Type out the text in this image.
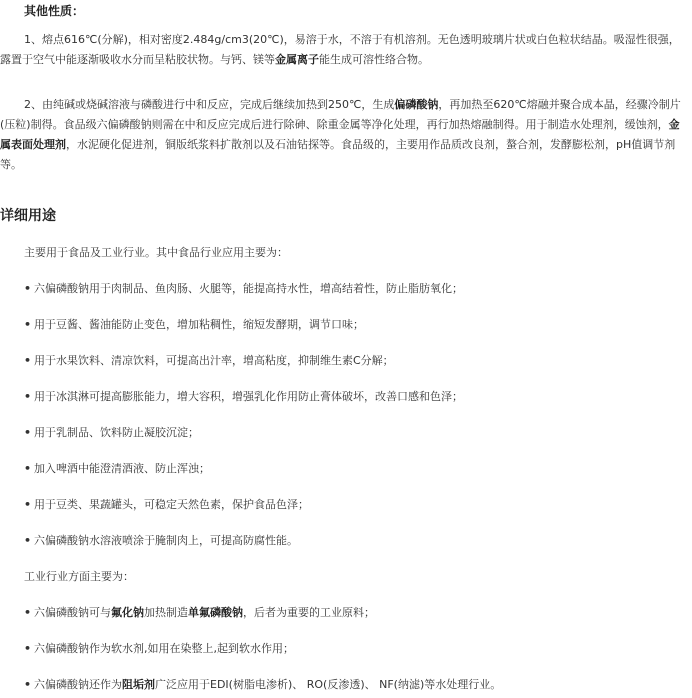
其他性质：
1、熔点616℃(分解)，相对密度2.484g/cm3(20℃)，易溶于水，不溶于有机溶剂。无色透明玻璃片状或白色粒状结晶。吸湿性很强，露置于空气中能逐渐吸收水分而呈粘胶状物。与钙、镁等金属离子能生成可溶性络合物。
2、由纯碱或烧碱溶液与磷酸进行中和反应，完成后继续加热到250℃，生成偏磷酸钠，再加热至620℃熔融并聚合成本晶，经骤冷制片(压粒)制得。食品级六偏磷酸钠则需在中和反应完成后进行除砷、除重金属等净化处理，再行加热熔融制得。用于制造水处理剂，缓蚀剂，金属表面处理剂，水泥硬化促进剂，铜版纸浆料扩散剂以及石油钻探等。食品级的，主要用作品质改良剂，螯合剂，发酵膨松剂，pH值调节剂等。
详细用途
主要用于食品及工业行业。其中食品行业应用主要为：
• 六偏磷酸钠用于肉制品、鱼肉肠、火腿等，能提高持水性，增高结着性，防止脂肪氧化；
• 用于豆酱、酱油能防止变色，增加粘稠性，缩短发酵期，调节口味；
• 用于水果饮料、清凉饮料，可提高出汁率，增高粘度，抑制维生素C分解；
• 用于冰淇淋可提高膨胀能力，增大容积，增强乳化作用防止膏体破坏，改善口感和色泽；
• 用于乳制品、饮料防止凝胶沉淀；
• 加入啤酒中能澄清酒液、防止浑浊；
• 用于豆类、果蔬罐头，可稳定天然色素，保护食品色泽；
• 六偏磷酸钠水溶液喷涂于腌制肉上，可提高防腐性能。
工业行业方面主要为：
• 六偏磷酸钠可与氟化钠加热制造单氟磷酸钠，后者为重要的工业原料；
• 六偏磷酸钠作为软水剂,如用在染整上,起到软水作用；
• 六偏磷酸钠还作为阻垢剂广泛应用于EDI(树脂电渗析)、 RO(反渗透)、 NF(纳滤)等水处理行业。
